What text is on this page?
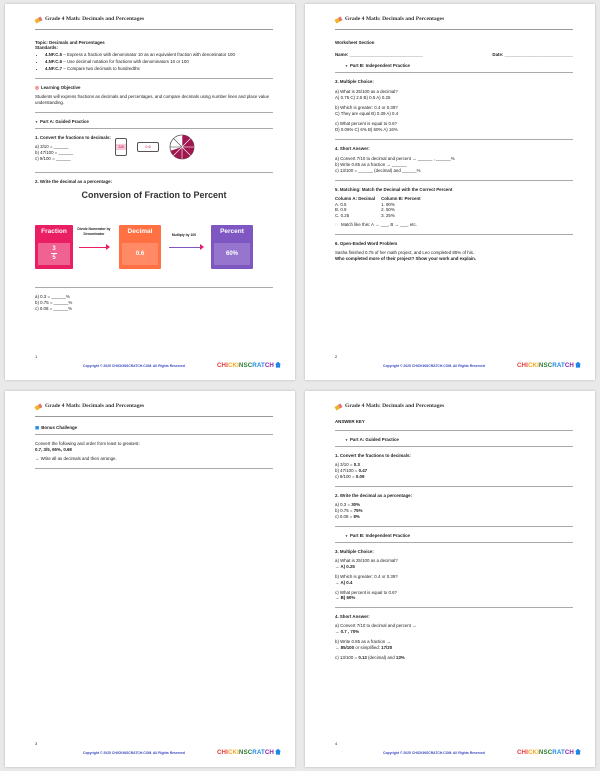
Grade 4 Math: Decimals and Percentages
Topic: Decimals and Percentages
Standards:
• 4.NF.C.5 – Express a fraction with denominator 10 as an equivalent fraction with denominator 100
• 4.NF.C.6 – Use decimal notation for fractions with denominators 10 or 100
• 4.NF.C.7 – Compare two decimals to hundredths
◎ Learning Objective
Students will express fractions as decimals and percentages, and compare decimals using number lines and place value understanding.
▼ Part A: Guided Practice
1. Convert the fractions to decimals:
a) 3/10 = ______
b) 47/100 = ______
c) 9/100 = ______
3/8	0.6
2. Write the decimal as a percentage:
Conversion of Fraction to Percent
Fraction
3
5
Divide Numerator by Denominator	Decimal
0.6
Multiply by 100	Percent
60%
a) 0.3 = ______%
b) 0.75 = ______%
c) 0.08 = ______%
1
Copyright © 2025 CHICKINSCRATCH.COM. All Rights Reserved	CHICKINSCRATCH
Grade 4 Math: Decimals and Percentages
Worksheet Section
Name: ______________________________	Date: ____________________________
▼ Part B: Independent Practice
3. Multiple Choice:
a) What is 25/100 as a decimal?
A) 0.75 C) 2.5 B) 0.5 A) 0.25
b) Which is greater: 0.4 or 0.39?
C) They are equal B) 0.39 A) 0.4
c) What percent is equal to 0.6?
D) 0.06% C) 6% B) 60% A) 16%
4. Short Answer:
a) Convert 7/10 to decimal and percent → ______ , ______%
b) Write 0.85 as a fraction → ______
c) 13/100 = ______ (decimal) and ______%
5. Matching: Match the Decimal with the Correct Percent
Column A: Decimal	Column B: Percent
A. 0.5	1. 90%
B. 0.9	2. 50%
C. 0.25	3. 25%
☞ Match like this: A → ___, B → ___, etc.
6. Open-Ended Word Problem
Sasha finished 0.75 of her math project, and Leo completed 85% of his.
Who completed more of their project? Show your work and explain.
2
Copyright © 2025 CHICKINSCRATCH.COM. All Rights Reserved	CHICKINSCRATCH
Grade 4 Math: Decimals and Percentages
▣ Bonus Challenge
Convert the following and order from least to greatest:
0.7, 3/5, 65%, 0.68
→ Write all as decimals and then arrange.
3
Copyright © 2025 CHICKINSCRATCH.COM. All Rights Reserved	CHICKINSCRATCH
Grade 4 Math: Decimals and Percentages
ANSWER KEY
▼ Part A: Guided Practice
1. Convert the fractions to decimals:
a) 3/10 = 0.3
b) 47/100 = 0.47
c) 9/100 = 0.09
2. Write the decimal as a percentage:
a) 0.3 = 30%
b) 0.75 = 75%
c) 0.08 = 8%
▼ Part B: Independent Practice
3. Multiple Choice:
a) What is 25/100 as a decimal?
→ A) 0.25
b) Which is greater: 0.4 or 0.39?
→ A) 0.4
c) What percent is equal to 0.6?
→ B) 60%
4. Short Answer:
a) Convert 7/10 to decimal and percent →
→ 0.7 , 70%
b) Write 0.85 as a fraction →
→ 85/100 or simplified: 17/20
c) 13/100 = 0.13 (decimal) and 13%
4
Copyright © 2025 CHICKINSCRATCH.COM. All Rights Reserved	CHICKINSCRATCH
